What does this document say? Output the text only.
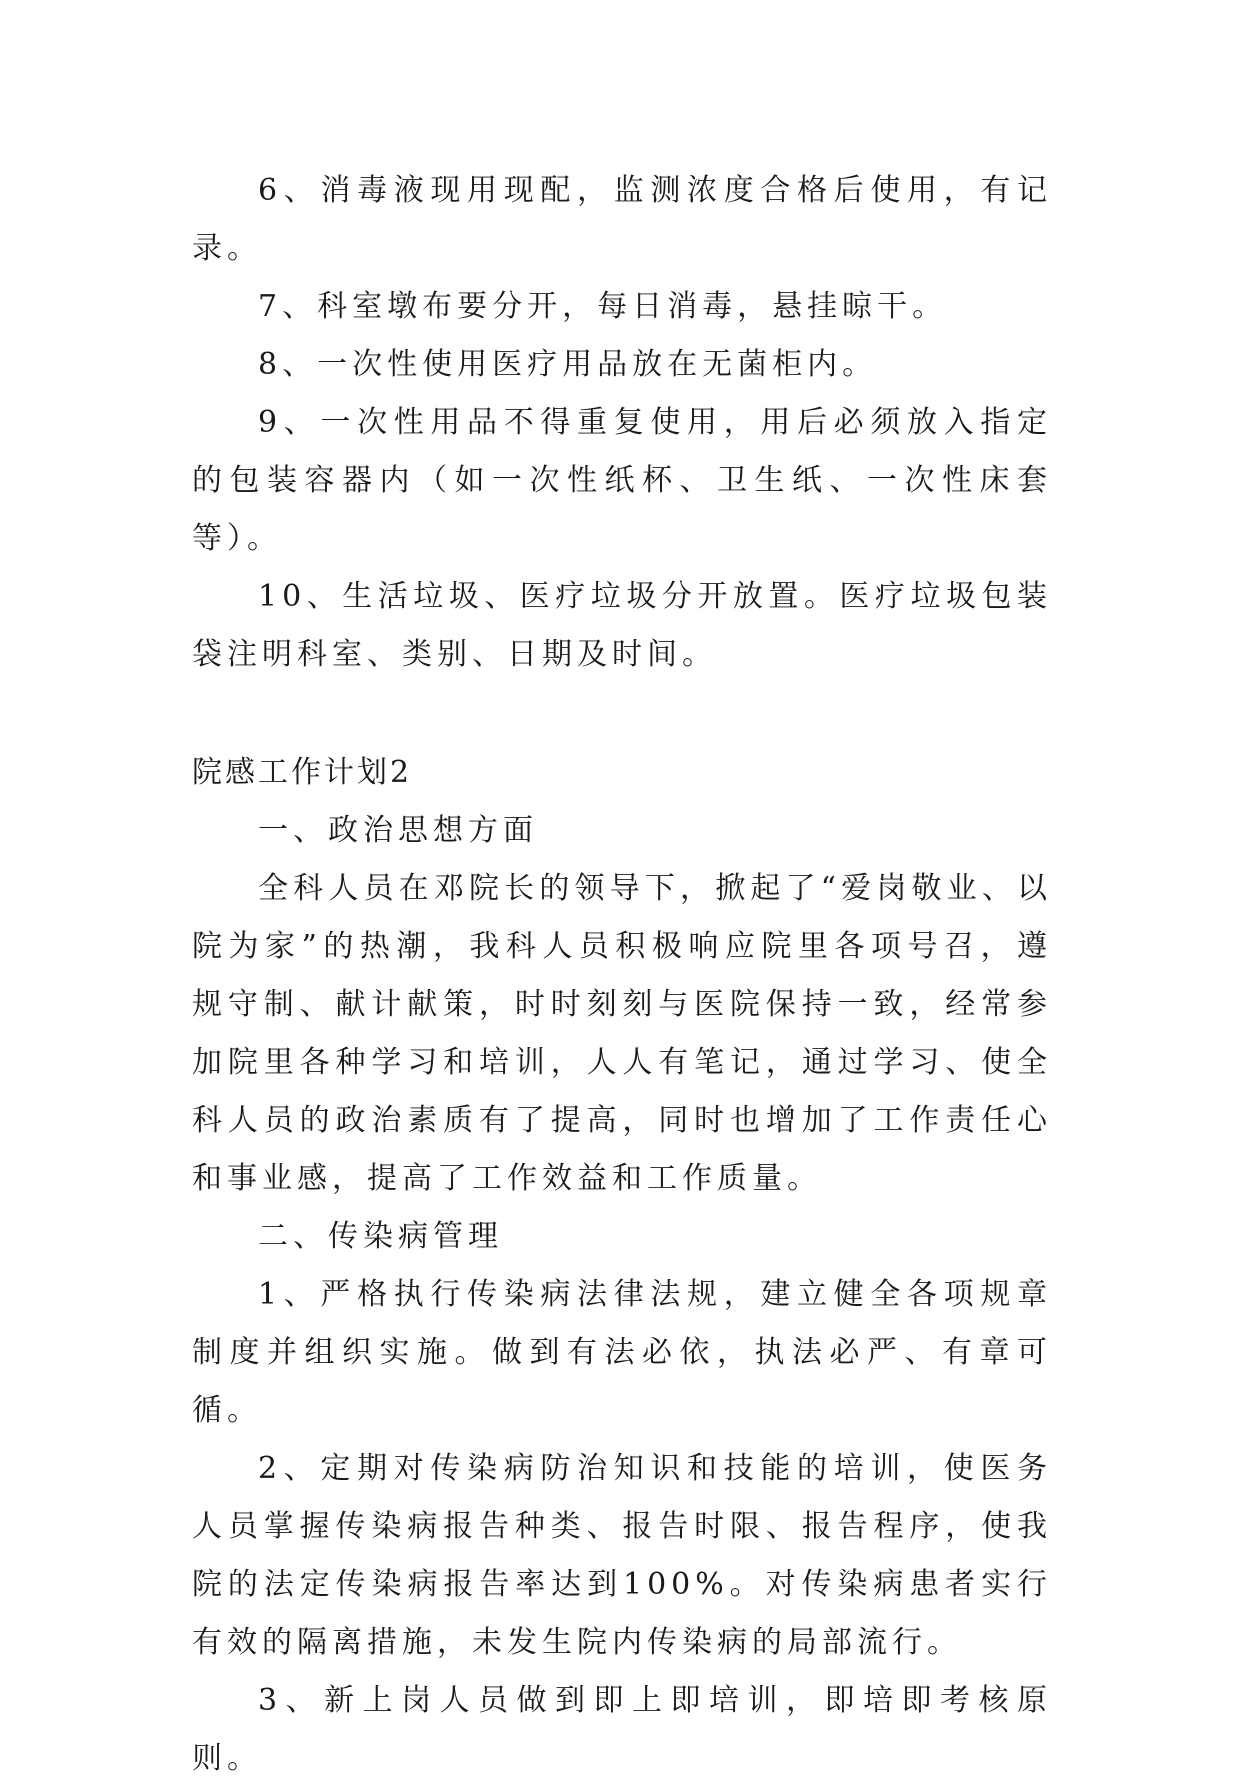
6、消毒液现用现配，监测浓度合格后使用，有记录。

7、科室墩布要分开，每日消毒，悬挂晾干。

8、一次性使用医疗用品放在无菌柜内。

9、一次性用品不得重复使用，用后必须放入指定的包装容器内（如一次性纸杯、卫生纸、一次性床套等）。

10、生活垃圾、医疗垃圾分开放置。医疗垃圾包装袋注明科室、类别、日期及时间。

院感工作计划2

一、政治思想方面

全科人员在邓院长的领导下，掀起了“爱岗敬业、以院为家”的热潮，我科人员积极响应院里各项号召，遵规守制、献计献策，时时刻刻与医院保持一致，经常参加院里各种学习和培训，人人有笔记，通过学习、使全科人员的政治素质有了提高，同时也增加了工作责任心和事业感，提高了工作效益和工作质量。

二、传染病管理

1、严格执行传染病法律法规，建立健全各项规章制度并组织实施。做到有法必依，执法必严、有章可循。

2、定期对传染病防治知识和技能的培训，使医务人员掌握传染病报告种类、报告时限、报告程序，使我院的法定传染病报告率达到100%。对传染病患者实行有效的隔离措施，未发生院内传染病的局部流行。

3、新上岗人员做到即上即培训，即培即考核原则。
